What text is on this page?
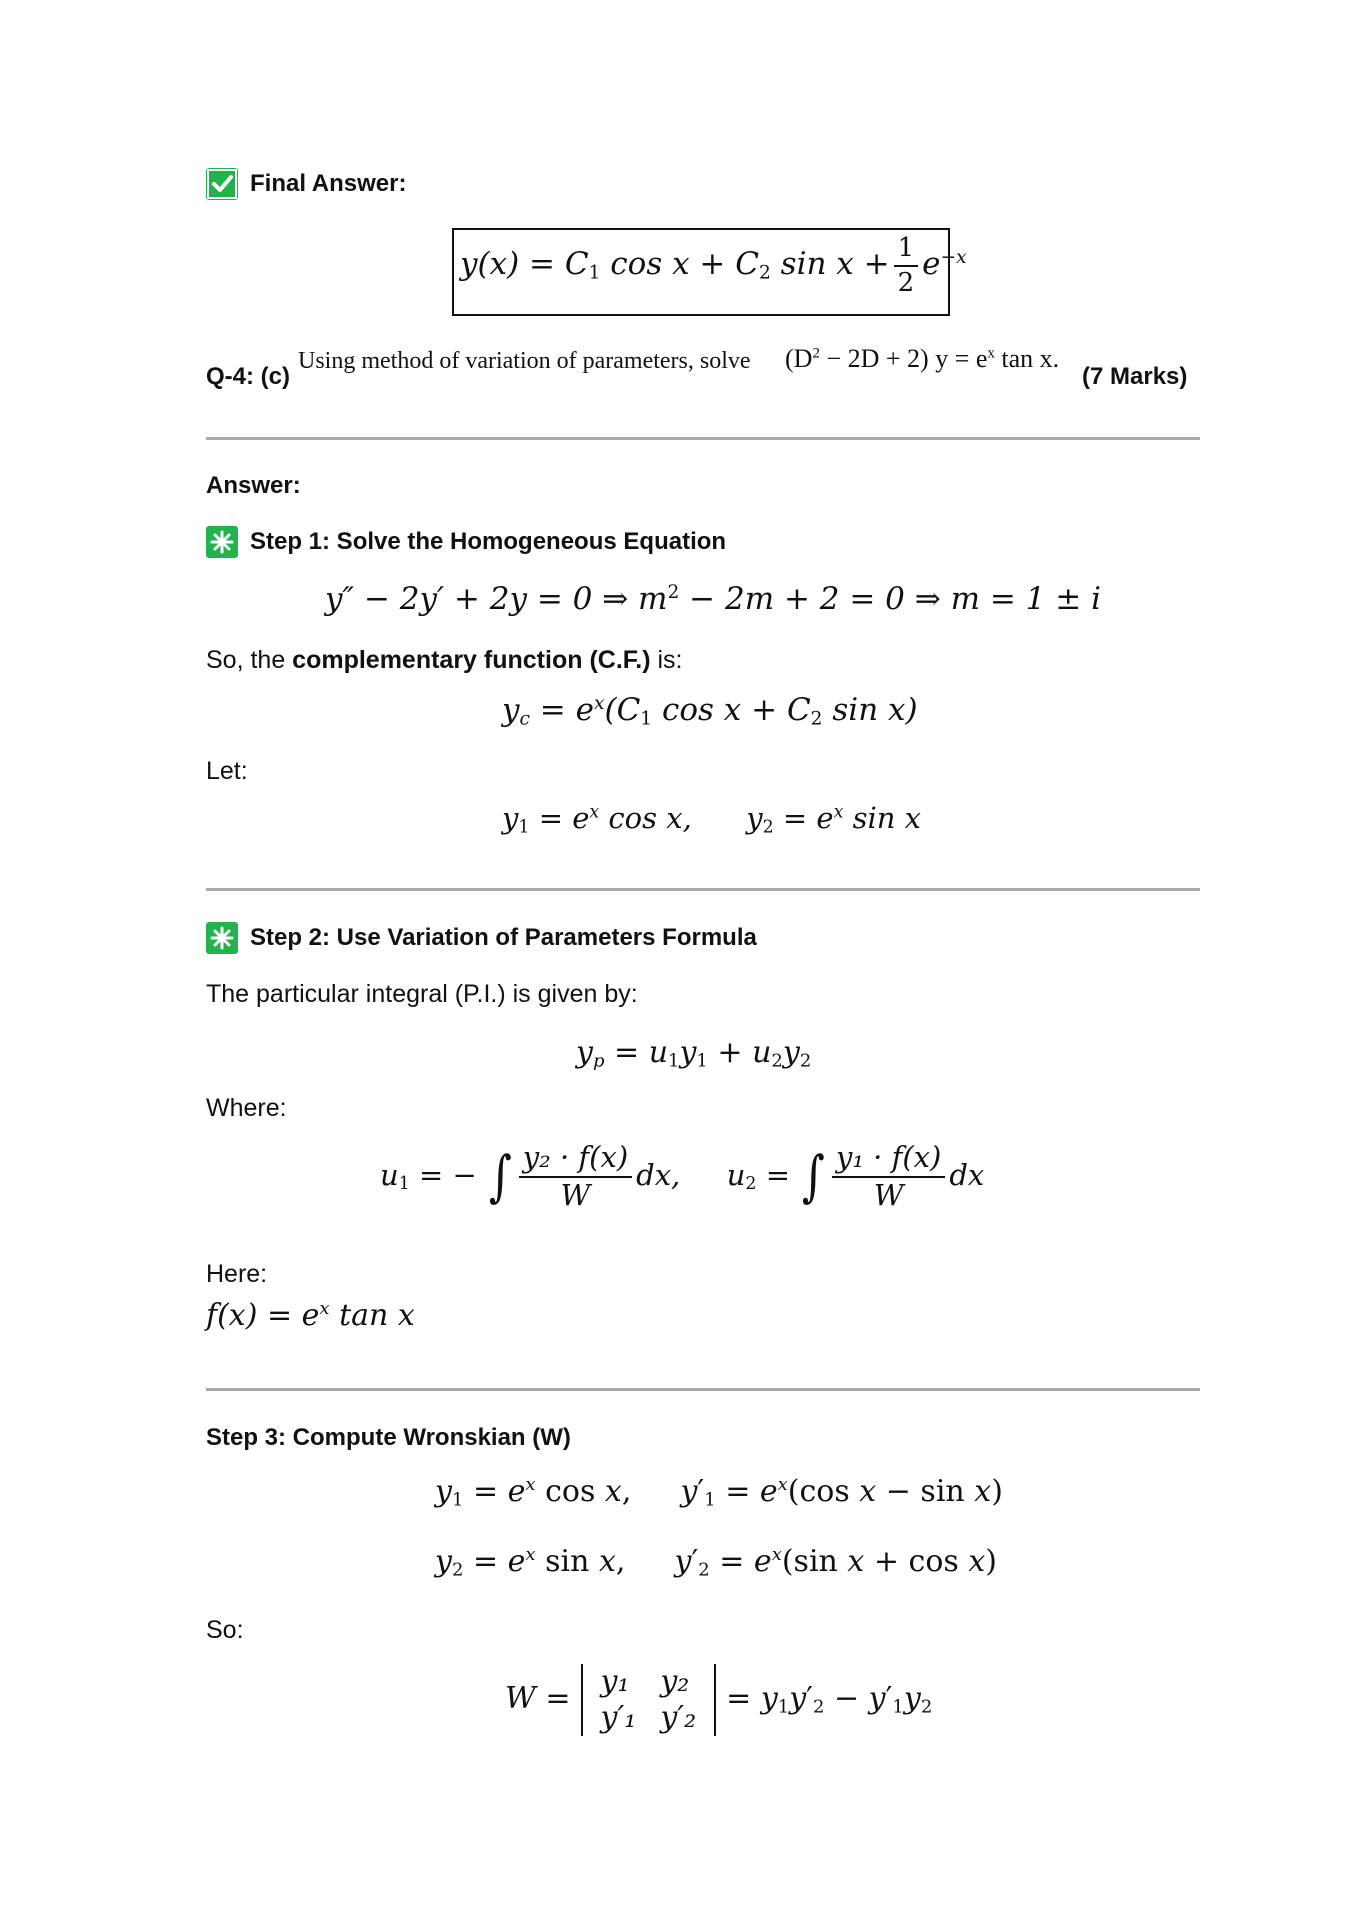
Final Answer:
$y(x) = C_1$ $\cos x + C_2$ $\sin x + \frac{1}{2} e^{-x}$
Q-4: (c)
Using method of variation of parameters, solve $(D^2 - 2D + 2) y = e^x$ tan x.
(7 Marks)
Answer:
Step 1: Solve the Homogeneous Equation
y″ − 2y′ + 2y = 0 ⇒ $m^2 - 2m + 2 = 0$ ⇒ m = 1 ± i
So, the complementary function (C.F.) is:
$y_c = e^x(C_1$ $\cos x + C_2$ sin x)
Let:
$y_1 = e^x$ cos x, $y_2 = e^x$ sin x
Step 2: Use Variation of Parameters Formula
The particular integral (P.I.) is given by:
$y_p = u_1y_1 + u_2y_2$
Where:
$u_1$ = − ∫ $\frac{\text{y₂ · f(x)}}{W}$ dx, $u_2$ = ∫ $\frac{\text{y₁ · f(x)}}{W}$ dx
Here:
$f(x) = e^x$ tan x
Step 3: Compute Wronskian (W)
$y_1 = e^x$ cos x,  $y'_1 = e^x(\cos$ x − sin x)
$y_2 = e^x$ sin x,  $y'_2 = e^x(\sin$ x + cos x)
So:
W = y₁	y₂
y′₁	y′₂
= $y_1y'_2 - y'_1y_2$
